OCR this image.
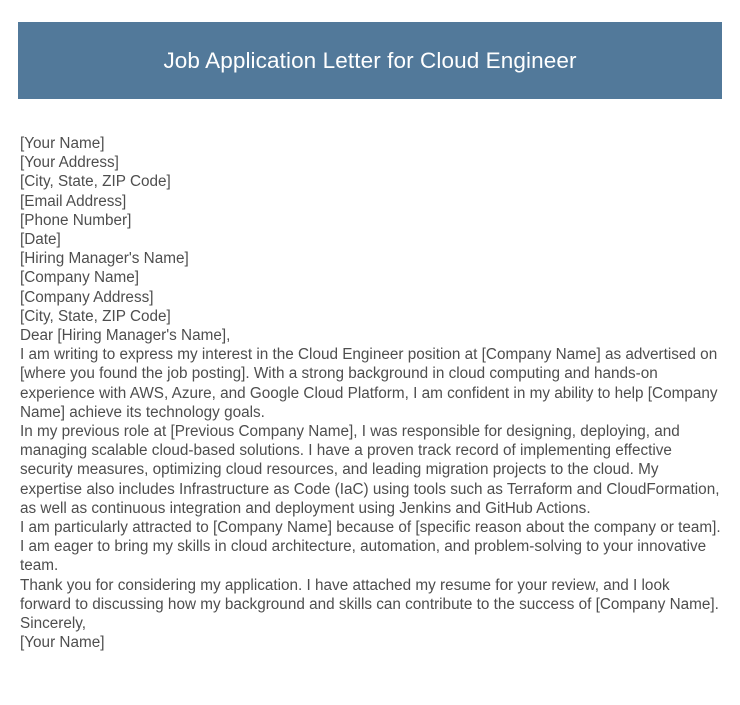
Job Application Letter for Cloud Engineer

[Your Name]

[Your Address]

[City, State, ZIP Code]

[Email Address]

[Phone Number]

[Date]

[Hiring Manager's Name]

[Company Name]

[Company Address]

[City, State, ZIP Code]

Dear [Hiring Manager's Name],

I am writing to express my interest in the Cloud Engineer position at [Company Name] as advertised on [where you found the job posting]. With a strong background in cloud computing and hands-on experience with AWS, Azure, and Google Cloud Platform, I am confident in my ability to help [Company Name] achieve its technology goals.

In my previous role at [Previous Company Name], I was responsible for designing, deploying, and managing scalable cloud-based solutions. I have a proven track record of implementing effective security measures, optimizing cloud resources, and leading migration projects to the cloud. My expertise also includes Infrastructure as Code (IaC) using tools such as Terraform and CloudFormation, as well as continuous integration and deployment using Jenkins and GitHub Actions.

I am particularly attracted to [Company Name] because of [specific reason about the company or team]. I am eager to bring my skills in cloud architecture, automation, and problem-solving to your innovative team.

Thank you for considering my application. I have attached my resume for your review, and I look forward to discussing how my background and skills can contribute to the success of [Company Name].

Sincerely,

[Your Name]
